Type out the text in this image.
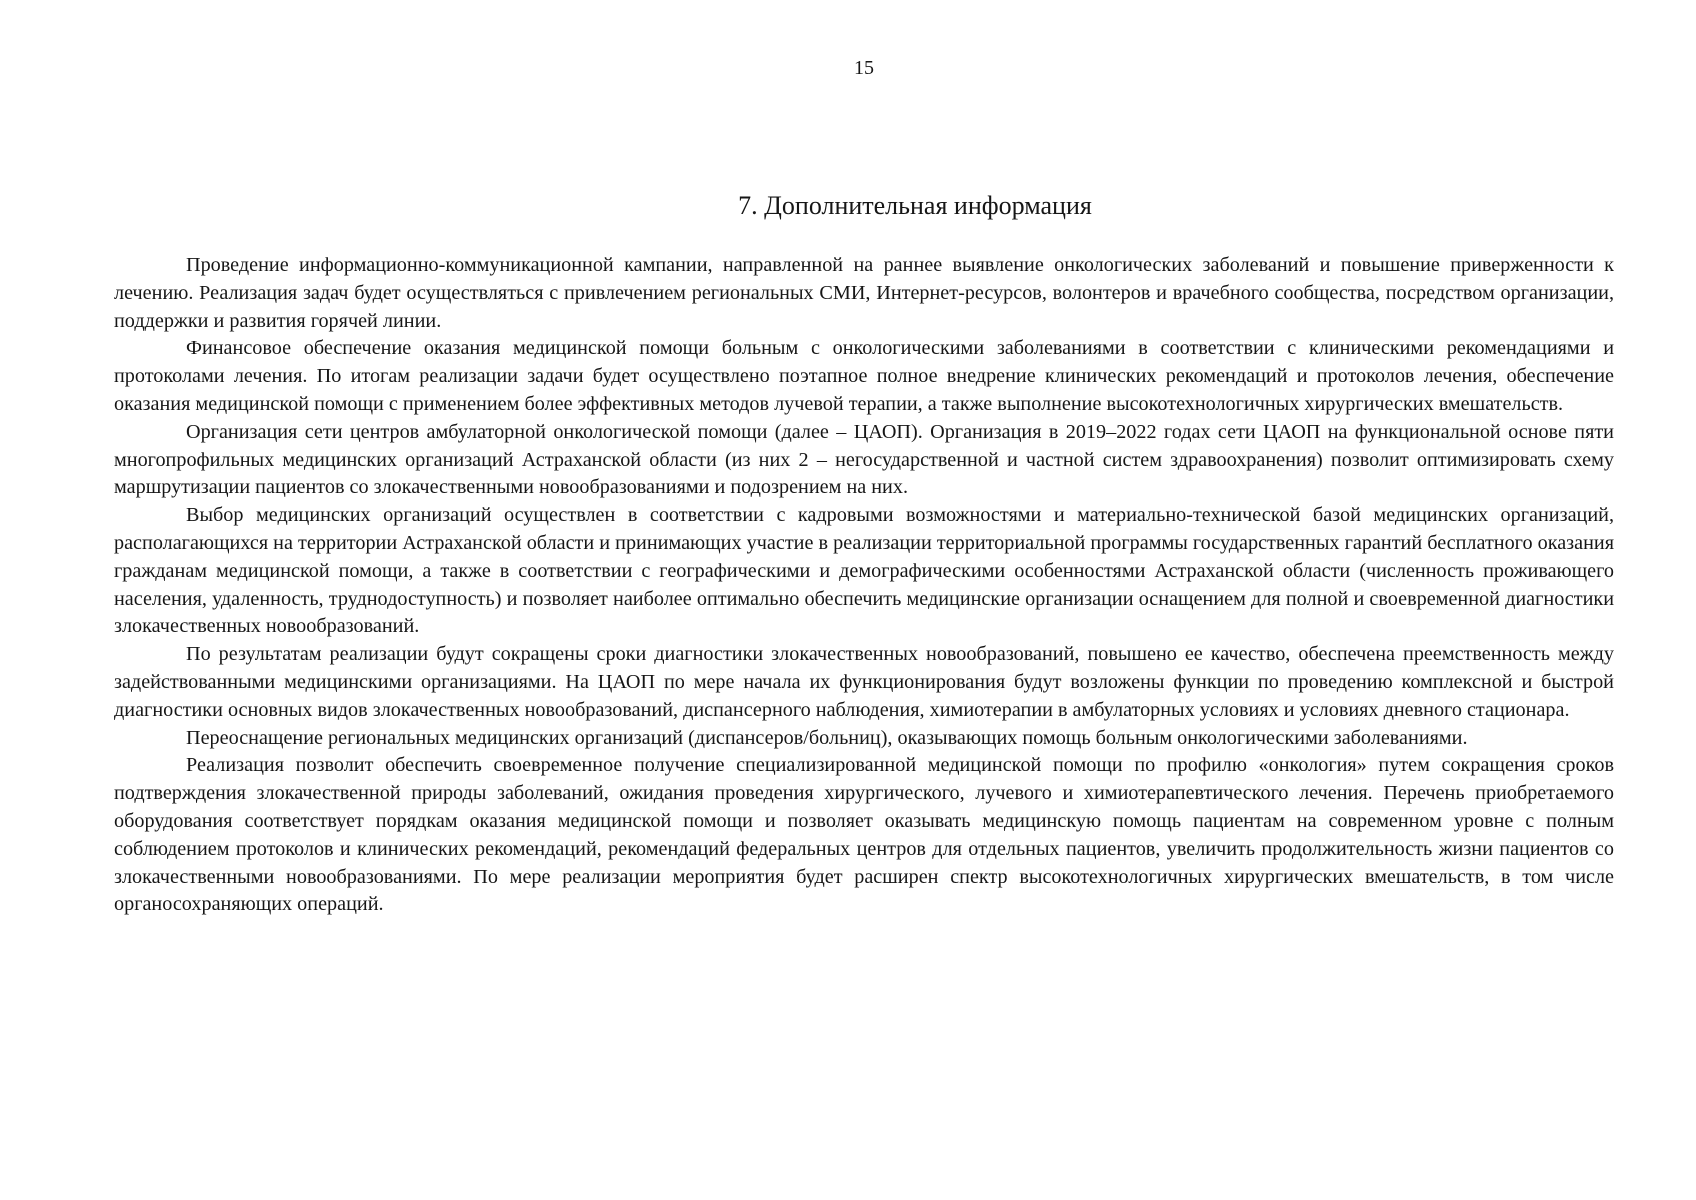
15
7. Дополнительная информация

Проведение информационно-коммуникационной кампании, направленной на раннее выявление онкологических заболеваний и повышение приверженности к лечению. Реализация задач будет осуществляться с привлечением региональных СМИ, Интернет-ресурсов, волонтеров и врачебного сообщества, посредством организации, поддержки и развития горячей линии.

Финансовое обеспечение оказания медицинской помощи больным с онкологическими заболеваниями в соответствии с клиническими рекомендациями и протоколами лечения. По итогам реализации задачи будет осуществлено поэтапное полное внедрение клинических рекомендаций и протоколов лечения, обеспечение оказания медицинской помощи с применением более эффективных методов лучевой терапии, а также выполнение высокотехнологичных хирургических вмешательств.

Организация сети центров амбулаторной онкологической помощи (далее – ЦАОП). Организация в 2019–2022 годах сети ЦАОП на функциональной основе пяти многопрофильных медицинских организаций Астраханской области (из них 2 – негосударственной и частной систем здравоохранения) позволит оптимизировать схему маршрутизации пациентов со злокачественными новообразованиями и подозрением на них.

Выбор медицинских организаций осуществлен в соответствии с кадровыми возможностями и материально-технической базой медицинских организаций, располагающихся на территории Астраханской области и принимающих участие в реализации территориальной программы государственных гарантий бесплатного оказания гражданам медицинской помощи, а также в соответствии с географическими и демографическими особенностями Астраханской области (численность проживающего населения, удаленность, труднодоступность) и позволяет наиболее оптимально обеспечить медицинские организации оснащением для полной и своевременной диагностики злокачественных новообразований.

По результатам реализации будут сокращены сроки диагностики злокачественных новообразований, повышено ее качество, обеспечена преемственность между задействованными медицинскими организациями. На ЦАОП по мере начала их функционирования будут возложены функции по проведению комплексной и быстрой диагностики основных видов злокачественных новообразований, диспансерного наблюдения, химиотерапии в амбулаторных условиях и условиях дневного стационара.

Переоснащение региональных медицинских организаций (диспансеров/больниц), оказывающих помощь больным онкологическими заболеваниями.

Реализация позволит обеспечить своевременное получение специализированной медицинской помощи по профилю «онкология» путем сокращения сроков подтверждения злокачественной природы заболеваний, ожидания проведения хирургического, лучевого и химиотерапевтического лечения. Перечень приобретаемого оборудования соответствует порядкам оказания медицинской помощи и позволяет оказывать медицинскую помощь пациентам на современном уровне с полным соблюдением протоколов и клинических рекомендаций, рекомендаций федеральных центров для отдельных пациентов, увеличить продолжительность жизни пациентов со злокачественными новообразованиями. По мере реализации мероприятия будет расширен спектр высокотехнологичных хирургических вмешательств, в том числе органосохраняющих операций.
